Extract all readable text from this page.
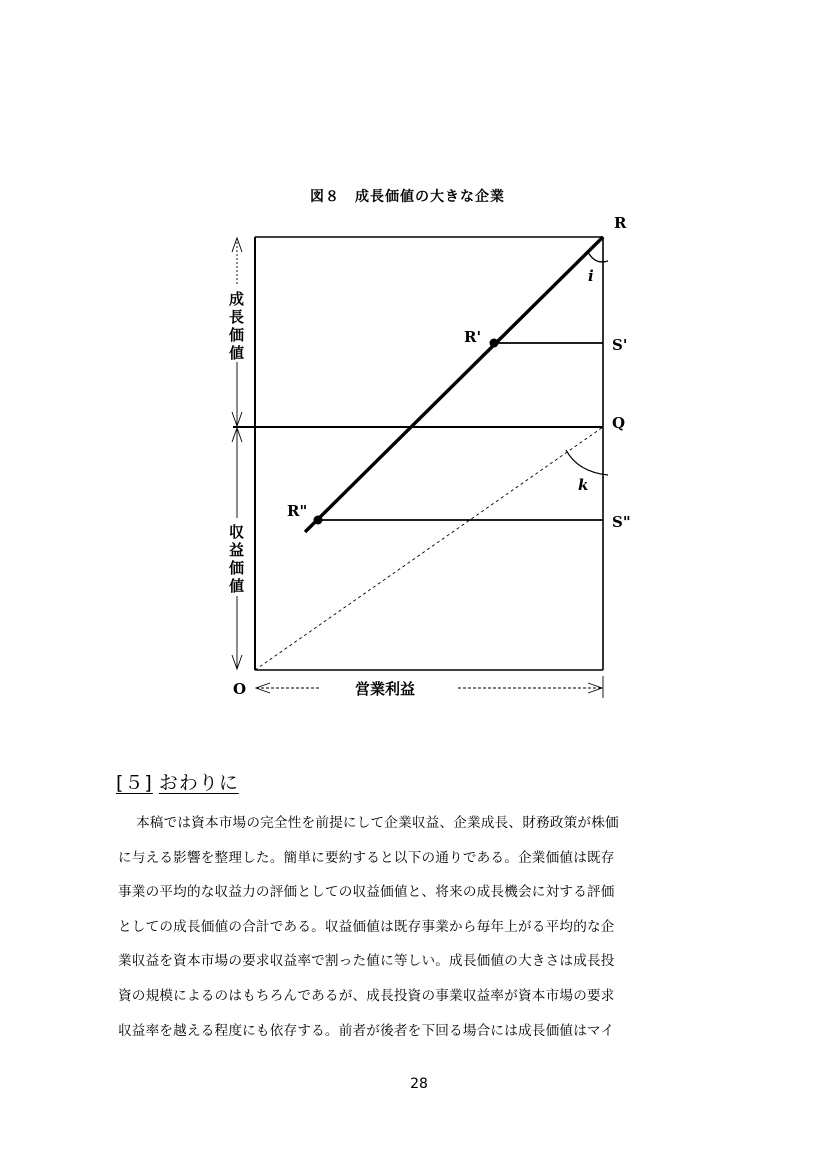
図８　成長価値の大きな企業
R
R'
R"
S'
S"
Q
O
i
k
成
長
価
値
収
益
価
値
営業利益
[５] おわりに

本稿では資本市場の完全性を前提にして企業収益、企業成長、財務政策が株価

に与える影響を整理した。簡単に要約すると以下の通りである。企業価値は既存

事業の平均的な収益力の評価としての収益価値と、将来の成長機会に対する評価

としての成長価値の合計である。収益価値は既存事業から毎年上がる平均的な企

業収益を資本市場の要求収益率で割った値に等しい。成長価値の大きさは成長投

資の規模によるのはもちろんであるが、成長投資の事業収益率が資本市場の要求

収益率を越える程度にも依存する。前者が後者を下回る場合には成長価値はマイ

28
